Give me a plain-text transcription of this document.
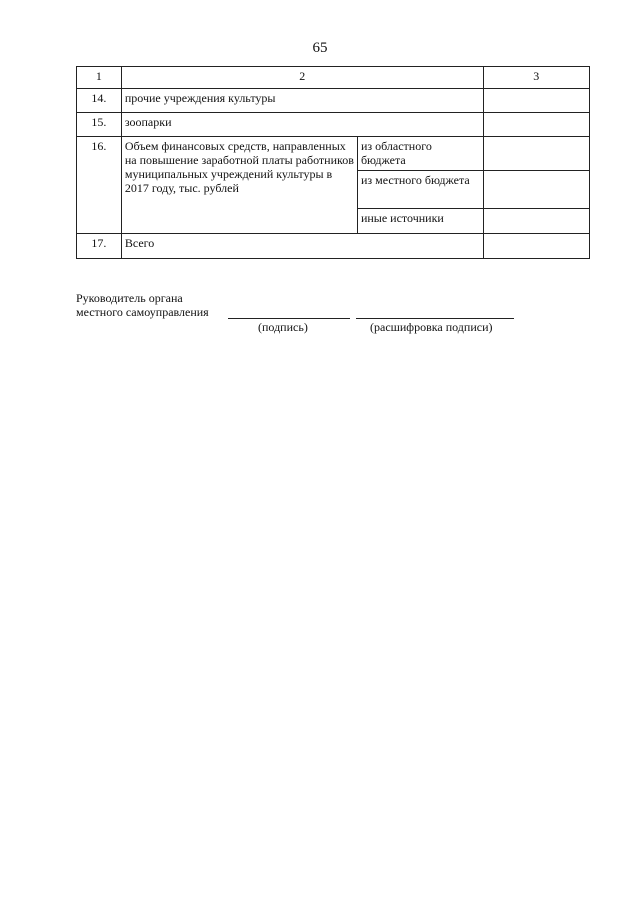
65
1	2		3
14.	прочие учреждения культуры		
15.	зоопарки		
16.	Объем финансовых средств, направленных на повышение заработной платы работников муниципальных учреждений культуры в 2017 году, тыс. рублей	из областного бюджета	
		из местного бюджета	
		иные источники	
17.	Всего		
Руководитель органа
местного самоуправления
(подпись)	(расшифровка подписи)
